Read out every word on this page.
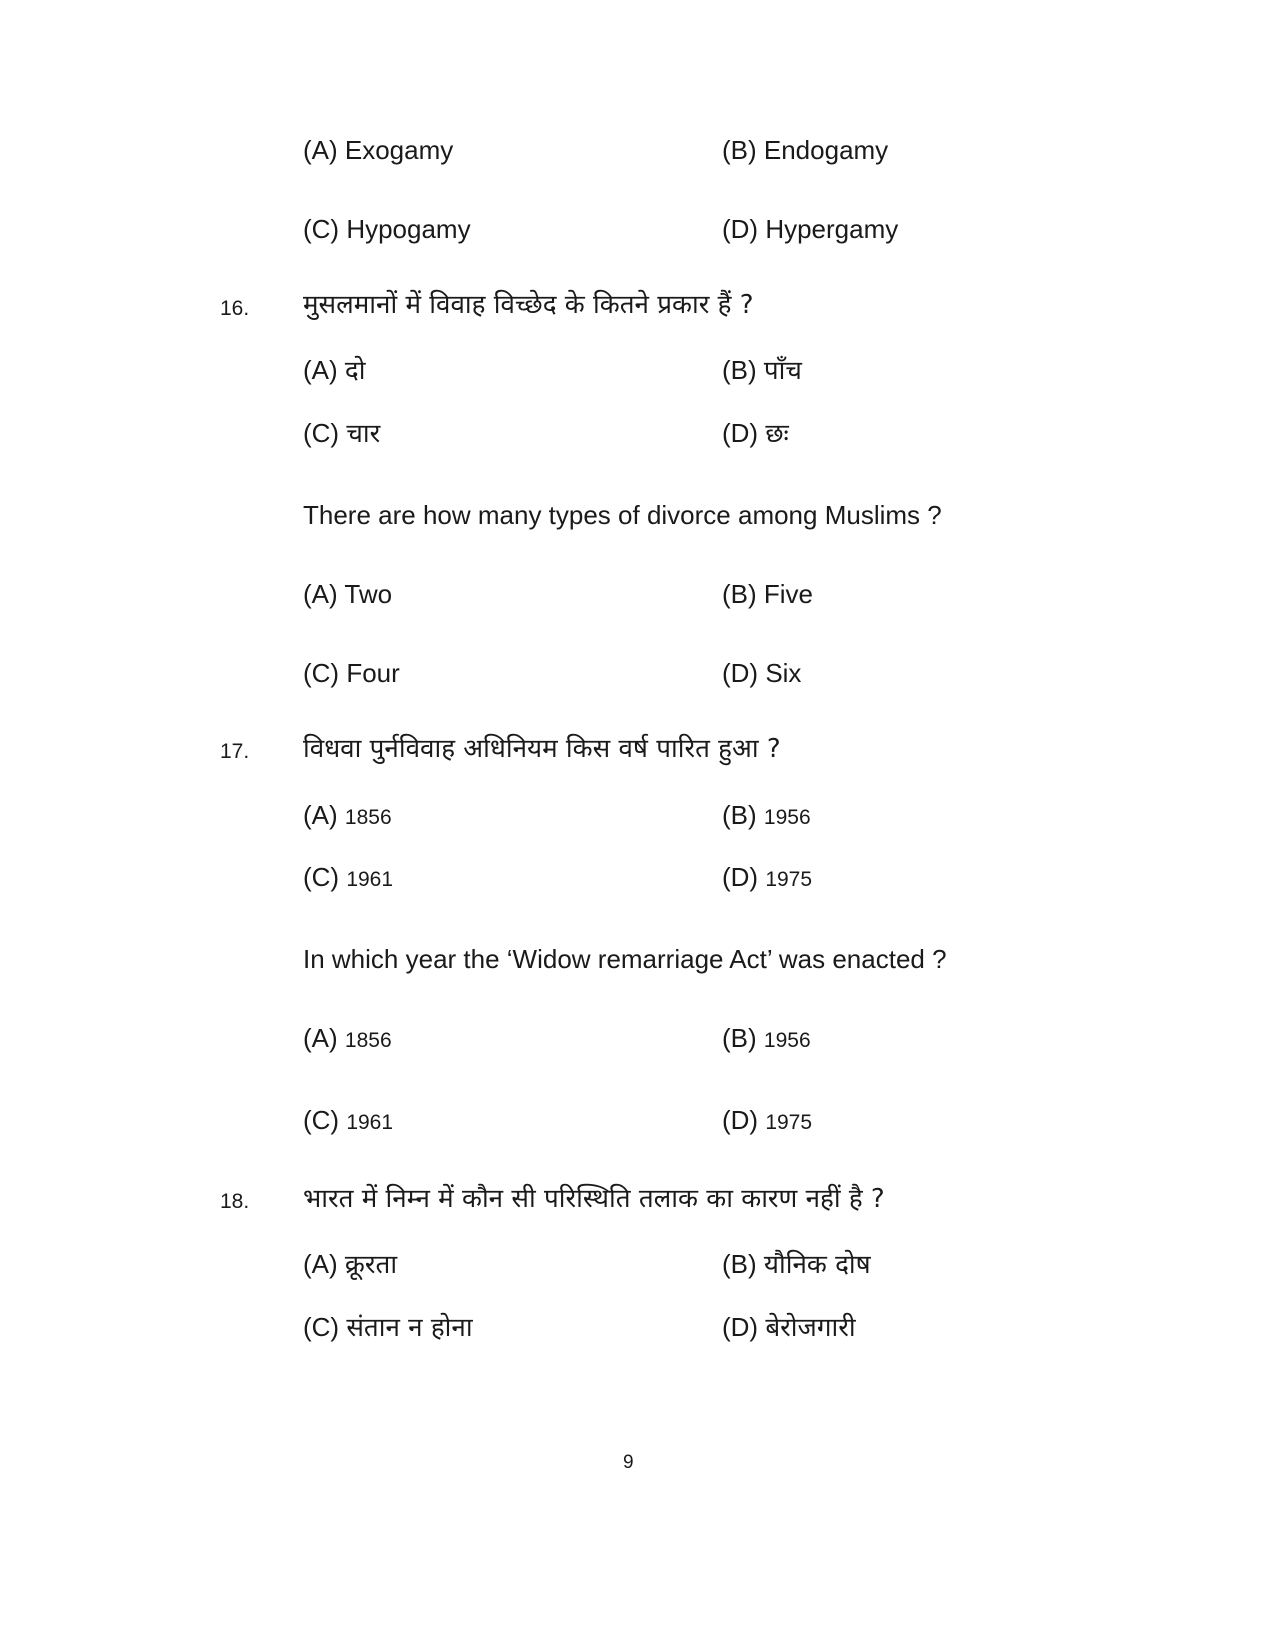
(A) Exogamy	(B) Endogamy
(C) Hypogamy	(D) Hypergamy
16. मुसलमानों में विवाह विच्छेद के कितने प्रकार हैं ?
(A) दो	(B) पाँच
(C) चार	(D) छः
There are how many types of divorce among Muslims ?
(A) Two	(B) Five
(C) Four	(D) Six
17. विधवा पुर्नविवाह अधिनियम किस वर्ष पारित हुआ ?
(A) 1856	(B) 1956
(C) 1961	(D) 1975
In which year the ‘Widow remarriage Act’ was enacted ?
(A) 1856	(B) 1956
(C) 1961	(D) 1975
18. भारत में निम्न में कौन सी परिस्थिति तलाक का कारण नहीं है ?
(A) क्रूरता	(B) यौनिक दोष
(C) संतान न होना	(D) बेरोजगारी
9
